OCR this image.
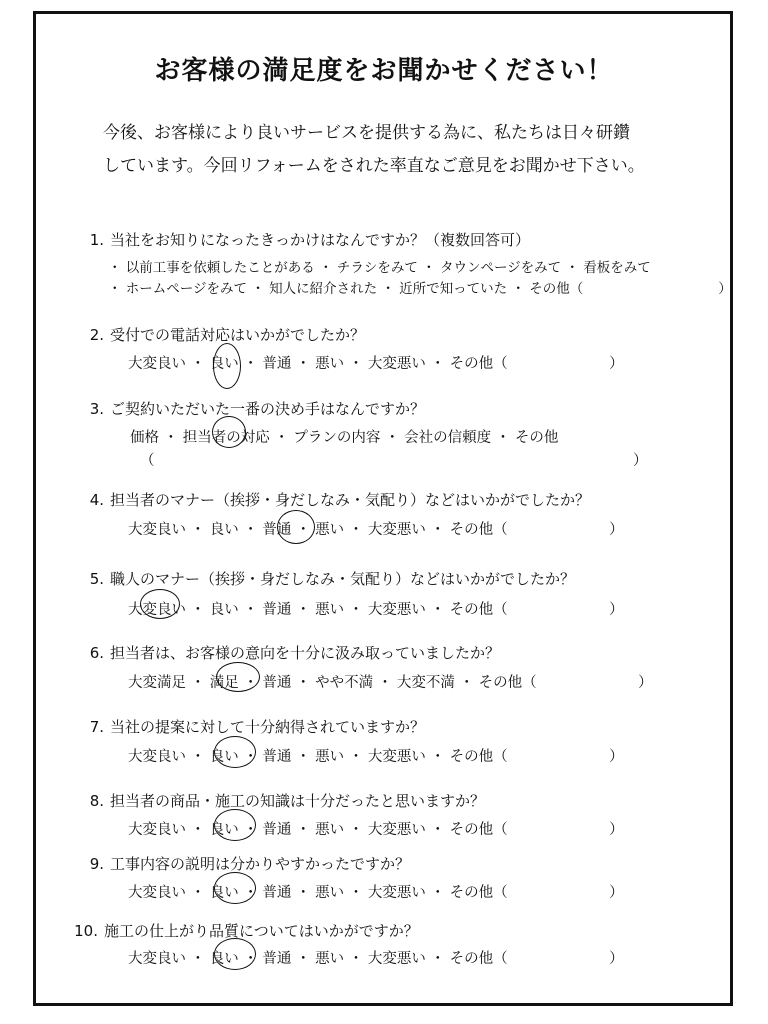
お客様の満足度をお聞かせください！
今後、お客様により良いサービスを提供する為に、私たちは日々研鑽
しています。今回リフォームをされた率直なご意見をお聞かせ下さい。
1. 当社をお知りになったきっかけはなんですか？（複数回答可）
・ 以前工事を依頼したことがある ・ チラシをみて ・ タウンページをみて ・ 看板をみて
・ ホームページをみて ・ 知人に紹介された ・ 近所で知っていた ・ その他（　　　　　　　　　　）
2. 受付での電話対応はいかがでしたか？
大変良い ・ 良い ・ 普通 ・ 悪い ・ 大変悪い ・ その他（　　　　　　　）
3. ご契約いただいた一番の決め手はなんですか？
価格 ・ 担当者の対応 ・ プランの内容 ・ 会社の信頼度 ・ その他
（　　　　　　　　　　　　　　　　　　　　　　　　　　　　　　　　　）
4. 担当者のマナー（挨拶・身だしなみ・気配り）などはいかがでしたか？
大変良い ・ 良い ・ 普通 ・ 悪い ・ 大変悪い ・ その他（　　　　　　　）
5. 職人のマナー（挨拶・身だしなみ・気配り）などはいかがでしたか？
大変良い ・ 良い ・ 普通 ・ 悪い ・ 大変悪い ・ その他（　　　　　　　）
6. 担当者は、お客様の意向を十分に汲み取っていましたか？
大変満足 ・ 満足 ・ 普通 ・ やや不満 ・ 大変不満 ・ その他（　　　　　　　）
7. 当社の提案に対して十分納得されていますか？
大変良い ・ 良い ・ 普通 ・ 悪い ・ 大変悪い ・ その他（　　　　　　　）
8. 担当者の商品・施工の知識は十分だったと思いますか？
大変良い ・ 良い ・ 普通 ・ 悪い ・ 大変悪い ・ その他（　　　　　　　）
9. 工事内容の説明は分かりやすかったですか？
大変良い ・ 良い ・ 普通 ・ 悪い ・ 大変悪い ・ その他（　　　　　　　）
10. 施工の仕上がり品質についてはいかがですか？
大変良い ・ 良い ・ 普通 ・ 悪い ・ 大変悪い ・ その他（　　　　　　　）
